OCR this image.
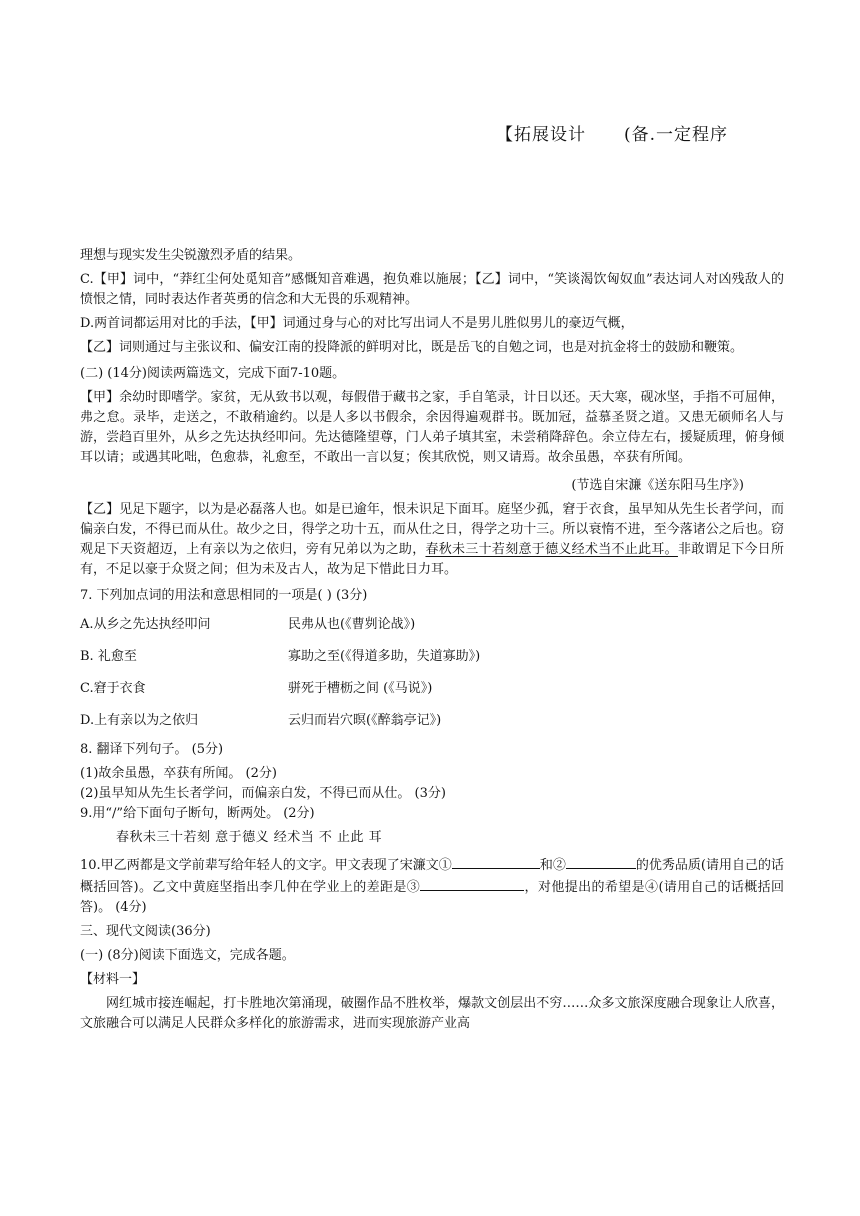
【拓展设计 (备.一定程序

理想与现实发生尖锐激烈矛盾的结果。

C.【甲】词中，“莽红尘何处觅知音”感慨知音难遇，抱负难以施展；【乙】词中，“笑谈渴饮匈奴血”表达词人对凶残敌人的愤恨之情，同时表达作者英勇的信念和大无畏的乐观精神。

D.两首词都运用对比的手法，【甲】词通过身与心的对比写出词人不是男儿胜似男儿的豪迈气概，

【乙】词则通过与主张议和、偏安江南的投降派的鲜明对比，既是岳飞的自勉之词，也是对抗金将士的鼓励和鞭策。

(二) (14分)阅读两篇选文，完成下面7-10题。

【甲】余幼时即嗜学。家贫，无从致书以观，每假借于藏书之家，手自笔录，计日以还。天大寒，砚冰坚，手指不可屈伸，弗之怠。录毕，走送之，不敢稍逾约。以是人多以书假余，余因得遍观群书。既加冠，益慕圣贤之道。又患无硕师名人与游，尝趋百里外，从乡之先达执经叩问。先达德隆望尊，门人弟子填其室，未尝稍降辞色。余立侍左右，援疑质理，俯身倾耳以请；或遇其叱咄，色愈恭，礼愈至，不敢出一言以复；俟其欣悦，则又请焉。故余虽愚，卒获有所闻。

(节选自宋濂《送东阳马生序》)

【乙】见足下题字，以为是必磊落人也。如是已逾年，恨未识足下面耳。庭坚少孤，窘于衣食，虽早知从先生长者学问，而偏亲白发，不得已而从仕。故少之日，得学之功十五，而从仕之日，得学之功十三。所以衰惰不进，至今落诸公之后也。窃观足下天资超迈，上有亲以为之依归，旁有兄弟以为之助，春秋未三十若刻意于德义经术当不止此耳。非敢谓足下今日所有，不足以豪于众贤之间；但为未及古人，故为足下惜此日力耳。

7. 下列加点词的用法和意思相同的一项是( ) (3分)

A.从乡之先达执经叩问	民弗从也(《曹刿论战》)
B. 礼愈至	寡助之至(《得道多助，失道寡助》)
C.窘于衣食	骈死于槽枥之间 (《马说》)
D.上有亲以为之依归	云归而岩穴暝(《醉翁亭记》)

8. 翻译下列句子。 (5分)

(1)故余虽愚，卒获有所闻。 (2分)

(2)虽早知从先生长者学问，而偏亲白发，不得已而从仕。 (3分)

9.用“/”给下面句子断句，断两处。 (2分)

春秋未三十若刻 意于德义 经术当 不 止此 耳

10.甲乙两都是文学前辈写给年轻人的文字。甲文表现了宋濂文①	和②	的优秀品质(请用自己的话概括回答)。乙文中黄庭坚指出李几仲在学业上的差距是③	，对他提出的希望是④(请用自己的话概括回答)。 (4分)

三、现代文阅读(36分)

(一) (8分)阅读下面选文，完成各题。

【材料一】

网红城市接连崛起，打卡胜地次第涌现，破圈作品不胜枚举，爆款文创层出不穷……众多文旅深度融合现象让人欣喜，文旅融合可以满足人民群众多样化的旅游需求，进而实现旅游产业高
